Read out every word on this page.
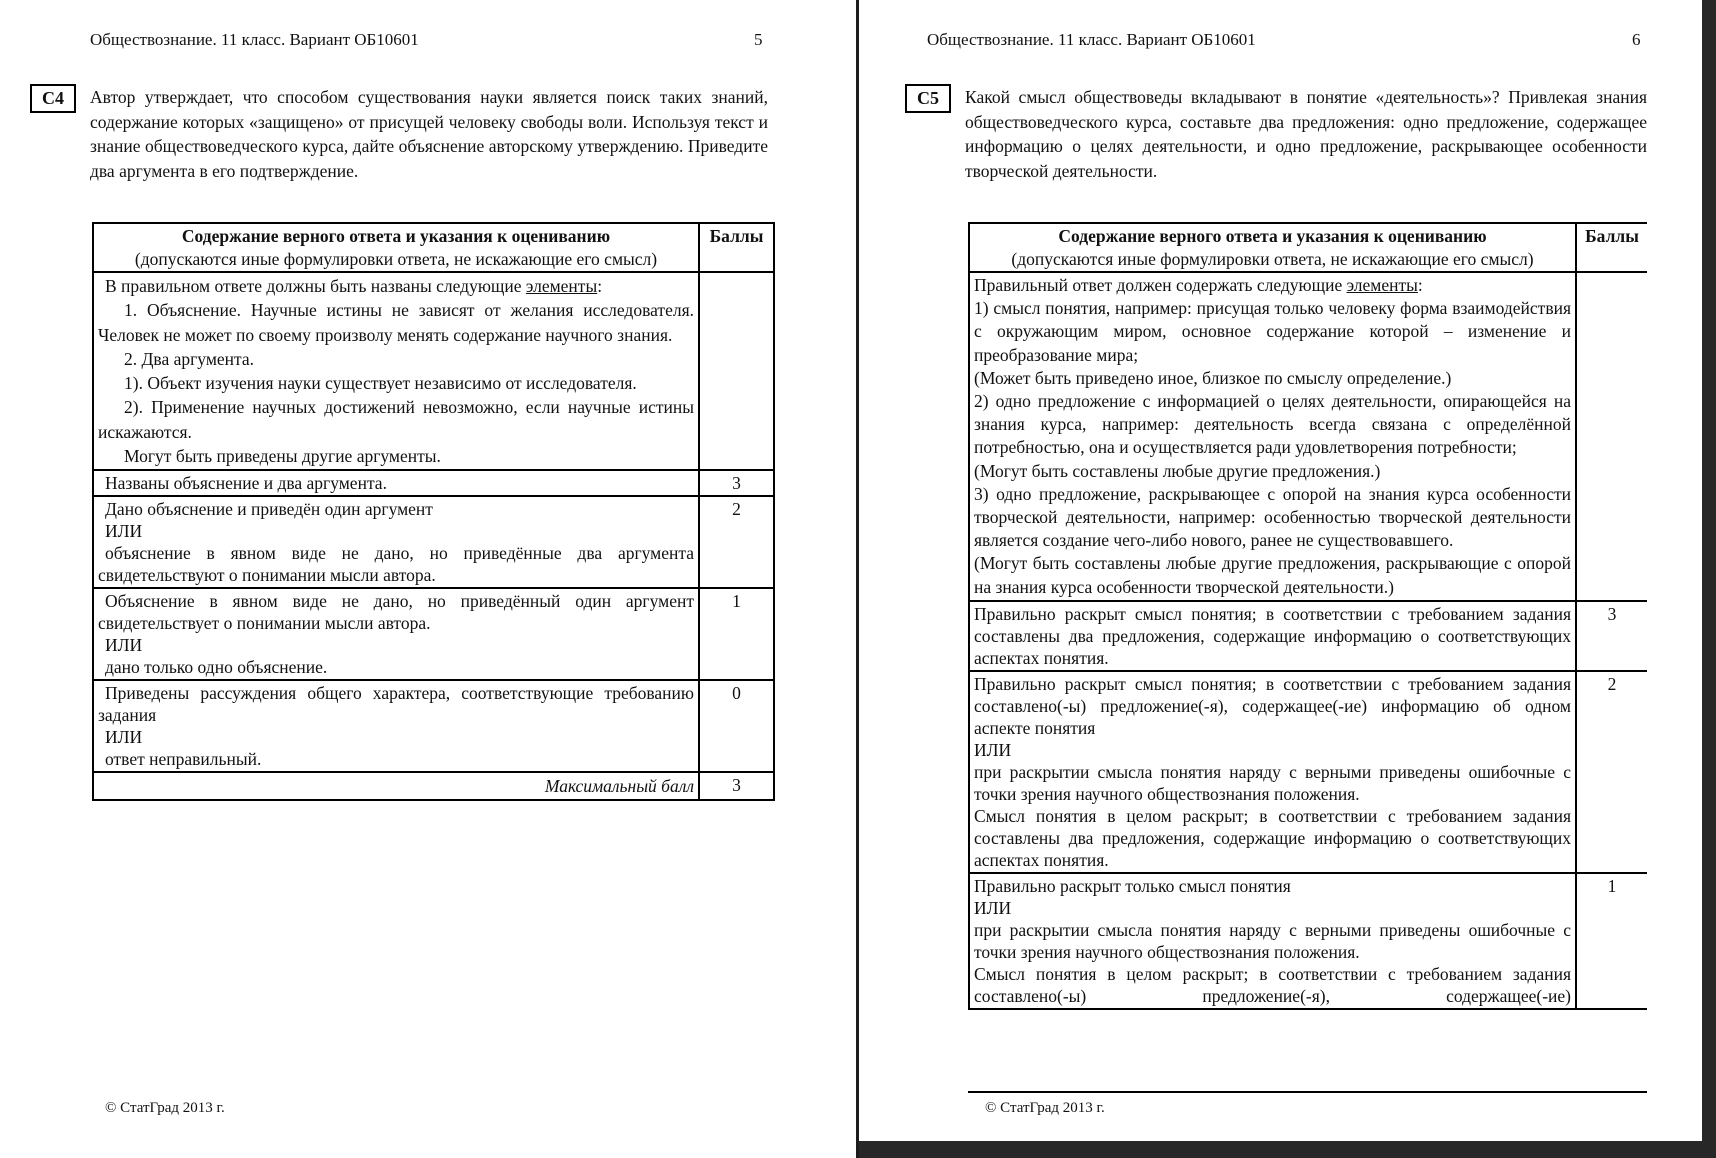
Обществознание. 11 класс. Вариант ОБ10601	5
С4	Автор утверждает, что способом существования науки является поиск таких знаний, содержание которых «защищено» от присущей человеку свободы воли. Используя текст и знание обществоведческого курса, дайте объяснение авторскому утверждению. Приведите два аргумента в его подтверждение.
Содержание верного ответа и указания к оцениванию
(допускаются иные формулировки ответа, не искажающие его смысл)	Баллы

В правильном ответе должны быть названы следующие элементы:

1. Объяснение. Научные истины не зависят от желания исследователя. Человек не может по своему произволу менять содержание научного знания.

2. Два аргумента.

1). Объект изучения науки существует независимо от исследователя.

2). Применение научных достижений невозможно, если научные истины искажаются.

Могут быть приведены другие аргументы.

Названы объяснение и два аргумента.	3

Дано объяснение и приведён один аргумент

ИЛИ

объяснение в явном виде не дано, но приведённые два аргумента свидетельствуют о понимании мысли автора.	2

Объяснение в явном виде не дано, но приведённый один аргумент свидетельствует о понимании мысли автора.

ИЛИ

дано только одно объяснение.	1

Приведены рассуждения общего характера, соответствующие требованию задания

ИЛИ

ответ неправильный.	0
Максимальный балл	3
© СтатГрад 2013 г.
Обществознание. 11 класс. Вариант ОБ10601	6
С5	Какой смысл обществоведы вкладывают в понятие «деятельность»? Привлекая знания обществоведческого курса, составьте два предложения: одно предложение, содержащее информацию о целях деятельности, и одно предложение, раскрывающее особенности творческой деятельности.
Содержание верного ответа и указания к оцениванию
(допускаются иные формулировки ответа, не искажающие его смысл)	Баллы

Правильный ответ должен содержать следующие элементы:

1) смысл понятия, например: присущая только человеку форма взаимодействия с окружающим миром, основное содержание которой – изменение и преобразование мира;

(Может быть приведено иное, близкое по смыслу определение.)

2) одно предложение с информацией о целях деятельности, опирающейся на знания курса, например: деятельность всегда связана с определённой потребностью, она и осуществляется ради удовлетворения потребности;

(Могут быть составлены любые другие предложения.)

3) одно предложение, раскрывающее с опорой на знания курса особенности творческой деятельности, например: особенностью творческой деятельности является создание чего-либо нового, ранее не существовавшего.

(Могут быть составлены любые другие предложения, раскрывающие с опорой на знания курса особенности творческой деятельности.)

Правильно раскрыт смысл понятия; в соответствии с требованием задания составлены два предложения, содержащие информацию о соответствующих аспектах понятия.	3

Правильно раскрыт смысл понятия; в соответствии с требованием задания составлено(-ы) предложение(-я), содержащее(-ие) информацию об одном аспекте понятия

ИЛИ

при раскрытии смысла понятия наряду с верными приведены ошибочные с точки зрения научного обществознания положения.

Смысл понятия в целом раскрыт; в соответствии с требованием задания составлены два предложения, содержащие информацию о соответствующих аспектах понятия.	2

Правильно раскрыт только смысл понятия

ИЛИ

при раскрытии смысла понятия наряду с верными приведены ошибочные с точки зрения научного обществознания положения.

Смысл понятия в целом раскрыт; в соответствии с требованием задания составлено(-ы) предложение(-я), содержащее(-ие)	1
© СтатГрад 2013 г.
